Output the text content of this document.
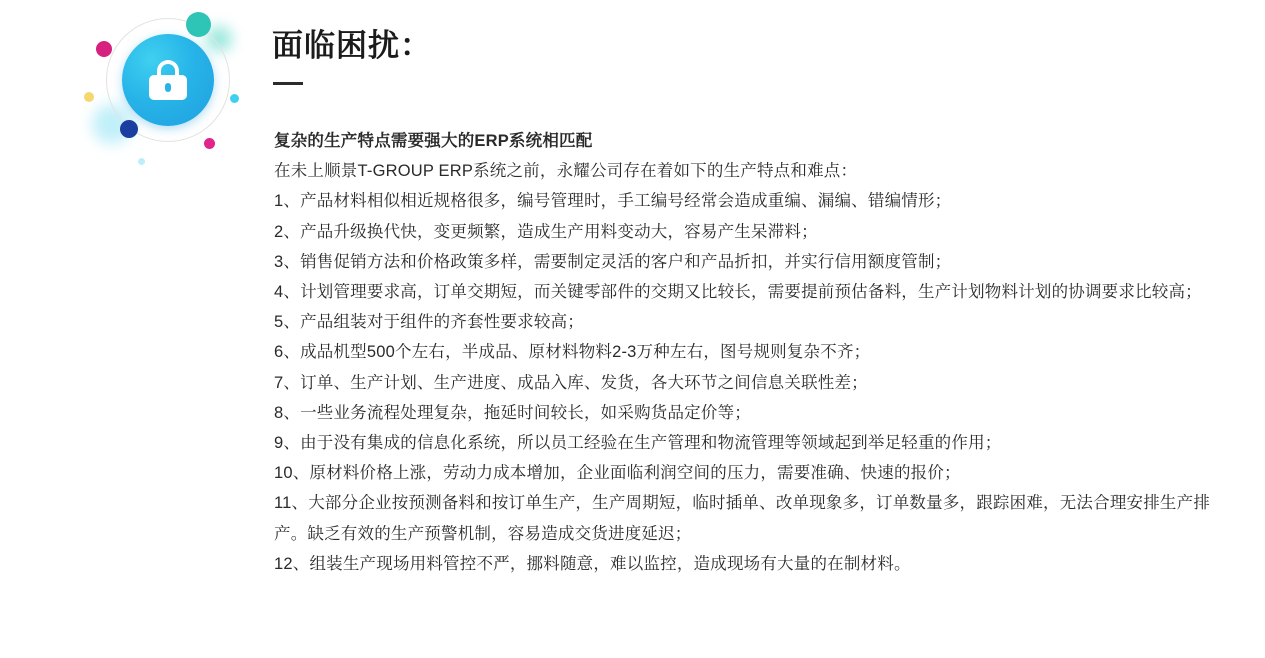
面临困扰：

复杂的生产特点需要强大的ERP系统相匹配

在未上顺景T-GROUP ERP系统之前，永耀公司存在着如下的生产特点和难点：

1、产品材料相似相近规格很多，编号管理时，手工编号经常会造成重编、漏编、错编情形；

2、产品升级换代快，变更频繁，造成生产用料变动大，容易产生呆滞料；

3、销售促销方法和价格政策多样，需要制定灵活的客户和产品折扣，并实行信用额度管制；

4、计划管理要求高，订单交期短，而关键零部件的交期又比较长，需要提前预估备料，生产计划物料计划的协调要求比较高；

5、产品组装对于组件的齐套性要求较高；

6、成品机型500个左右，半成品、原材料物料2-3万种左右，图号规则复杂不齐；

7、订单、生产计划、生产进度、成品入库、发货，各大环节之间信息关联性差；

8、一些业务流程处理复杂，拖延时间较长，如采购货品定价等；

9、由于没有集成的信息化系统，所以员工经验在生产管理和物流管理等领域起到举足轻重的作用；

10、原材料价格上涨，劳动力成本增加，企业面临利润空间的压力，需要准确、快速的报价；

11、大部分企业按预测备料和按订单生产，生产周期短，临时插单、改单现象多，订单数量多，跟踪困难，无法合理安排生产排产。缺乏有效的生产预警机制，容易造成交货进度延迟；

12、组装生产现场用料管控不严，挪料随意，难以监控，造成现场有大量的在制材料。
